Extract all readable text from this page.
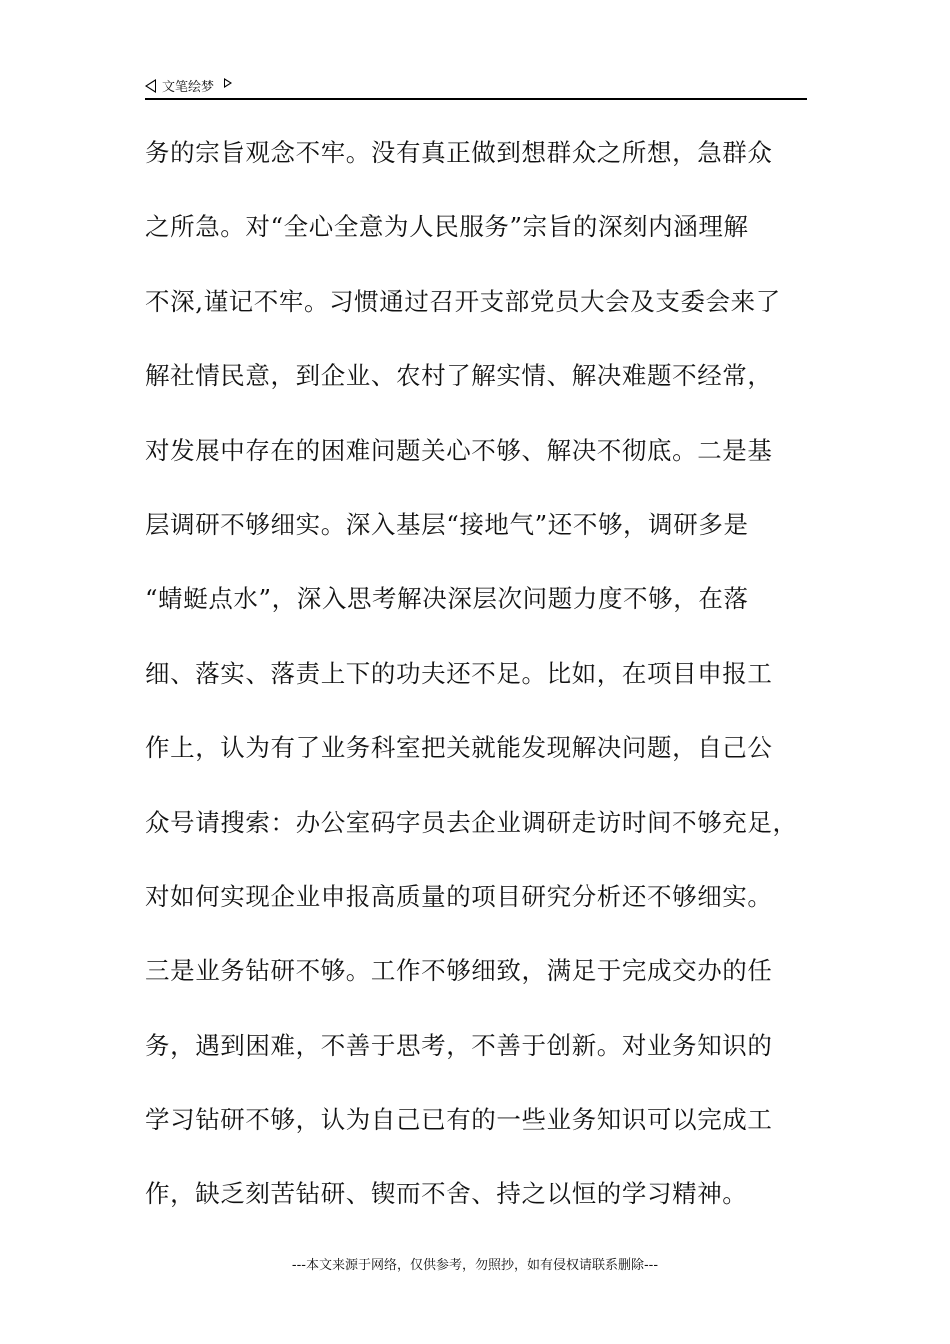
文笔绘梦
务的宗旨观念不牢。没有真正做到想群众之所想，急群众
之所急。对“全心全意为人民服务”宗旨的深刻内涵理解
不深,谨记不牢。习惯通过召开支部党员大会及支委会来了
解社情民意，到企业、农村了解实情、解决难题不经常，
对发展中存在的困难问题关心不够、解决不彻底。二是基
层调研不够细实。深入基层“接地气”还不够，调研多是
“蜻蜓点水”，深入思考解决深层次问题力度不够，在落
细、落实、落责上下的功夫还不足。比如，在项目申报工
作上，认为有了业务科室把关就能发现解决问题，自己公
众号请搜索：办公室码字员去企业调研走访时间不够充足，
对如何实现企业申报高质量的项目研究分析还不够细实。
三是业务钻研不够。工作不够细致，满足于完成交办的任
务，遇到困难，不善于思考，不善于创新。对业务知识的
学习钻研不够，认为自己已有的一些业务知识可以完成工
作，缺乏刻苦钻研、锲而不舍、持之以恒的学习精神。
---本文来源于网络，仅供参考，勿照抄，如有侵权请联系删除---
